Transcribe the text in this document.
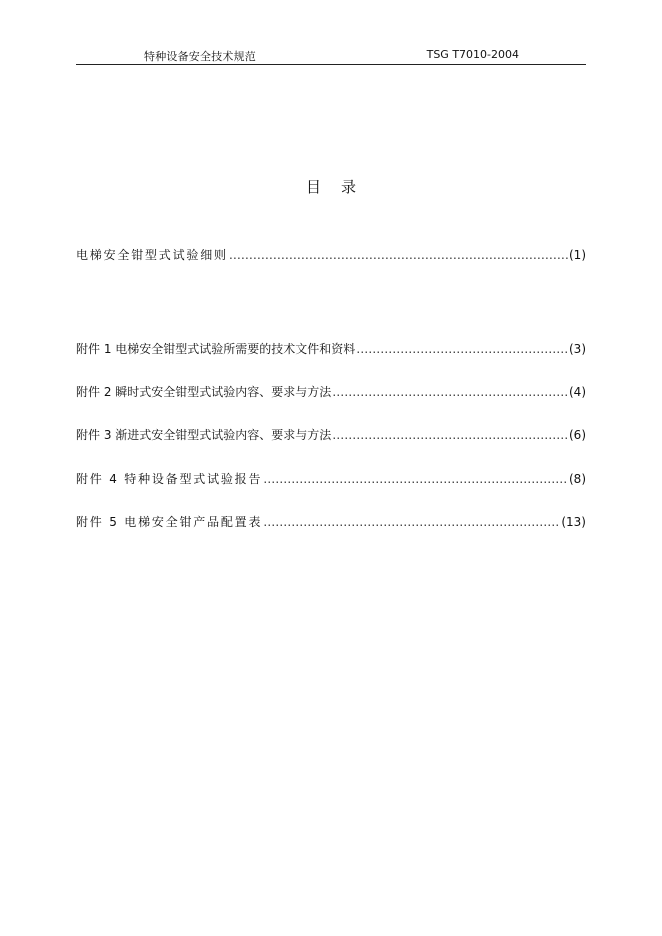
特种设备安全技术规范	TSG T7010-2004
目录
电梯安全钳型式试验细则 ……………………………………………………………………………………………………………………………………………………………………………………………………………	(1)
附件 1 电梯安全钳型式试验所需要的技术文件和资料 ……………………………………………………………………………………………………………………………………………………………………………………………………………	(3)
附件 2 瞬时式安全钳型式试验内容、要求与方法 ……………………………………………………………………………………………………………………………………………………………………………………………………………	(4)
附件 3 渐进式安全钳型式试验内容、要求与方法 ……………………………………………………………………………………………………………………………………………………………………………………………………………	(6)
附件 4 特种设备型式试验报告 ……………………………………………………………………………………………………………………………………………………………………………………………………………	(8)
附件 5 电梯安全钳产品配置表 ……………………………………………………………………………………………………………………………………………………………………………………………………………	(13)
